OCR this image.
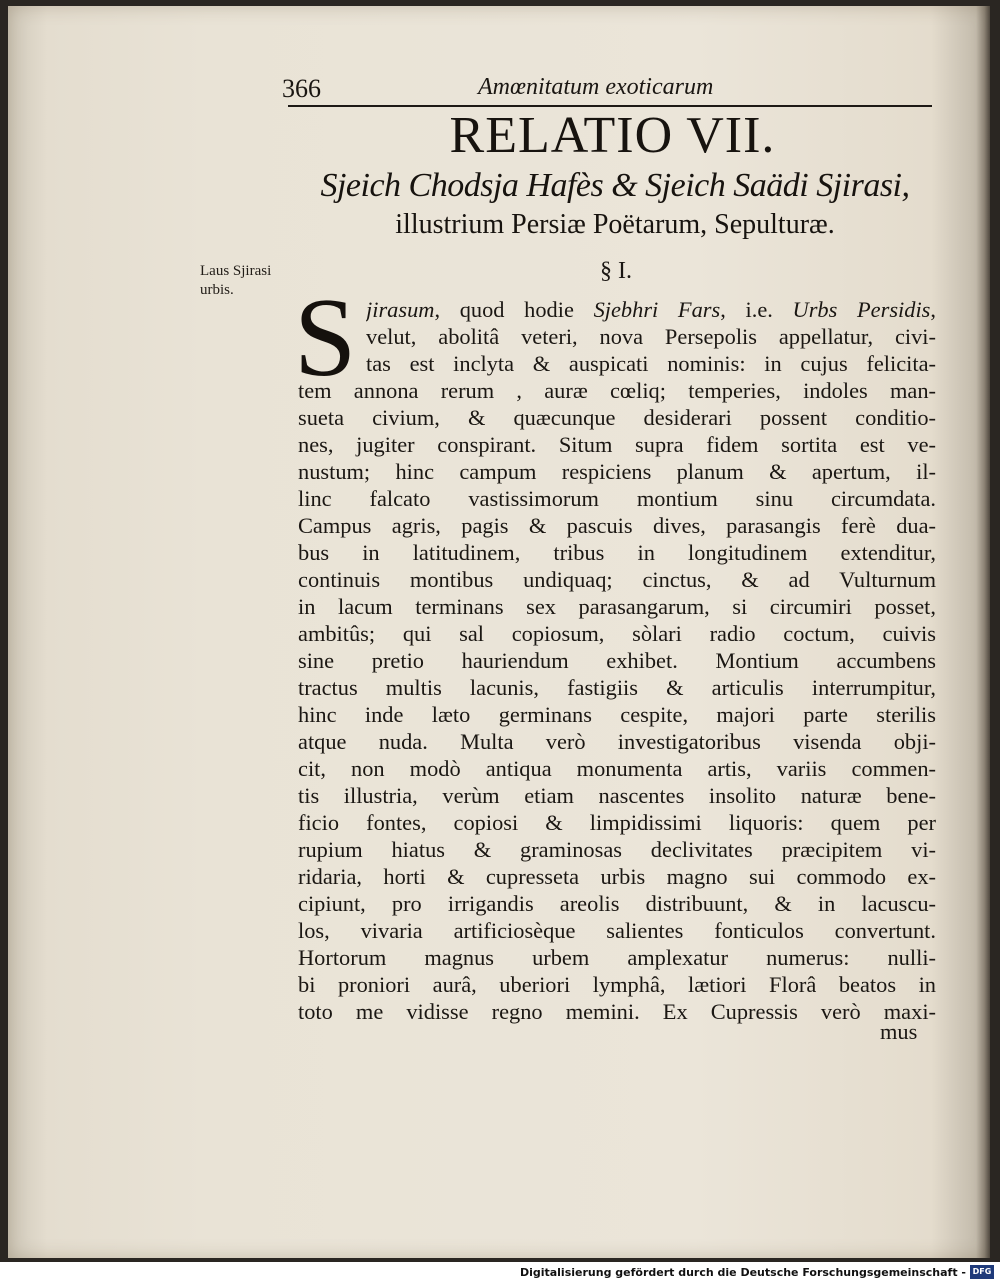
366	Amœnitatum exoticarum
RELATIO VII.
Sjeich Chodsja Hafès & Sjeich Saädi Sjirasi,
illustrium Persiæ Poëtarum, Sepulturæ.
Laus Sjirasi
urbis.
§ I.
S jirasum, quod hodie Sjebhri Fars, i.e. Urbs Persidis,
velut, abolitâ veteri, nova Persepolis appellatur, civi-
tas est inclyta & auspicati nominis: in cujus felicita-
tem annona rerum , auræ cœliq; temperies, indoles man-
sueta civium, & quæcunque desiderari possent conditio-
nes, jugiter conspirant. Situm supra fidem sortita est ve-
nustum; hinc campum respiciens planum & apertum, il-
linc falcato vastissimorum montium sinu circumdata.
Campus agris, pagis & pascuis dives, parasangis ferè dua-
bus in latitudinem, tribus in longitudinem extenditur,
continuis montibus undiquaq; cinctus, & ad Vulturnum
in lacum terminans sex parasangarum, si circumiri posset,
ambitûs; qui sal copiosum, sòlari radio coctum, cuivis
sine pretio hauriendum exhibet. Montium accumbens
tractus multis lacunis, fastigiis & articulis interrumpitur,
hinc inde læto germinans cespite, majori parte sterilis
atque nuda. Multa verò investigatoribus visenda obji-
cit, non modò antiqua monumenta artis, variis commen-
tis illustria, verùm etiam nascentes insolito naturæ bene-
ficio fontes, copiosi & limpidissimi liquoris: quem per
rupium hiatus & graminosas declivitates præcipitem vi-
ridaria, horti & cupresseta urbis magno sui commodo ex-
cipiunt, pro irrigandis areolis distribuunt, & in lacuscu-
los, vivaria artificiosèque salientes fonticulos convertunt.
Hortorum magnus urbem amplexatur numerus: nulli-
bi proniori aurâ, uberiori lymphâ, lætiori Florâ beatos in
toto me vidisse regno memini. Ex Cupressis verò maxi-
mus
Digitalisierung gefördert durch die Deutsche Forschungsgemeinschaft - DFG
